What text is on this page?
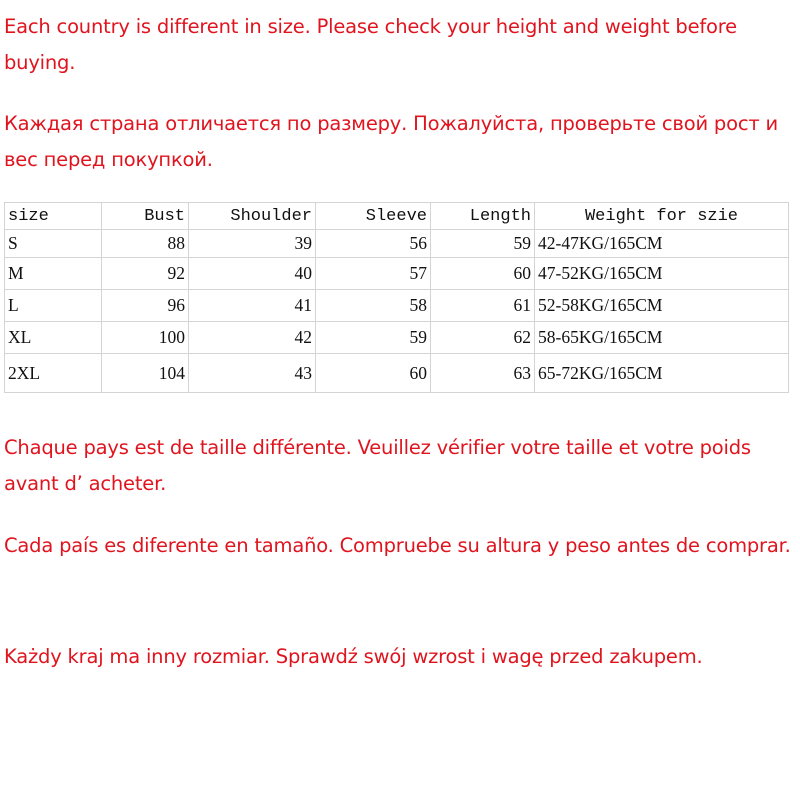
Each country is different in size. Please check your height and weight before buying.

Каждая страна отличается по размеру. Пожалуйста, проверьте свой рост и вес перед покупкой.

size	Bust	Shoulder	Sleeve	Length	Weight for szie
S	88	39	56	59	42-47KG/165CM
M	92	40	57	60	47-52KG/165CM
L	96	41	58	61	52-58KG/165CM
XL	100	42	59	62	58-65KG/165CM
2XL	104	43	60	63	65-72KG/165CM

Chaque pays est de taille différente. Veuillez vérifier votre taille et votre poids avant d’ acheter.

Cada país es diferente en tamaño. Compruebe su altura y peso antes de comprar.

Każdy kraj ma inny rozmiar. Sprawdź swój wzrost i wagę przed zakupem.
